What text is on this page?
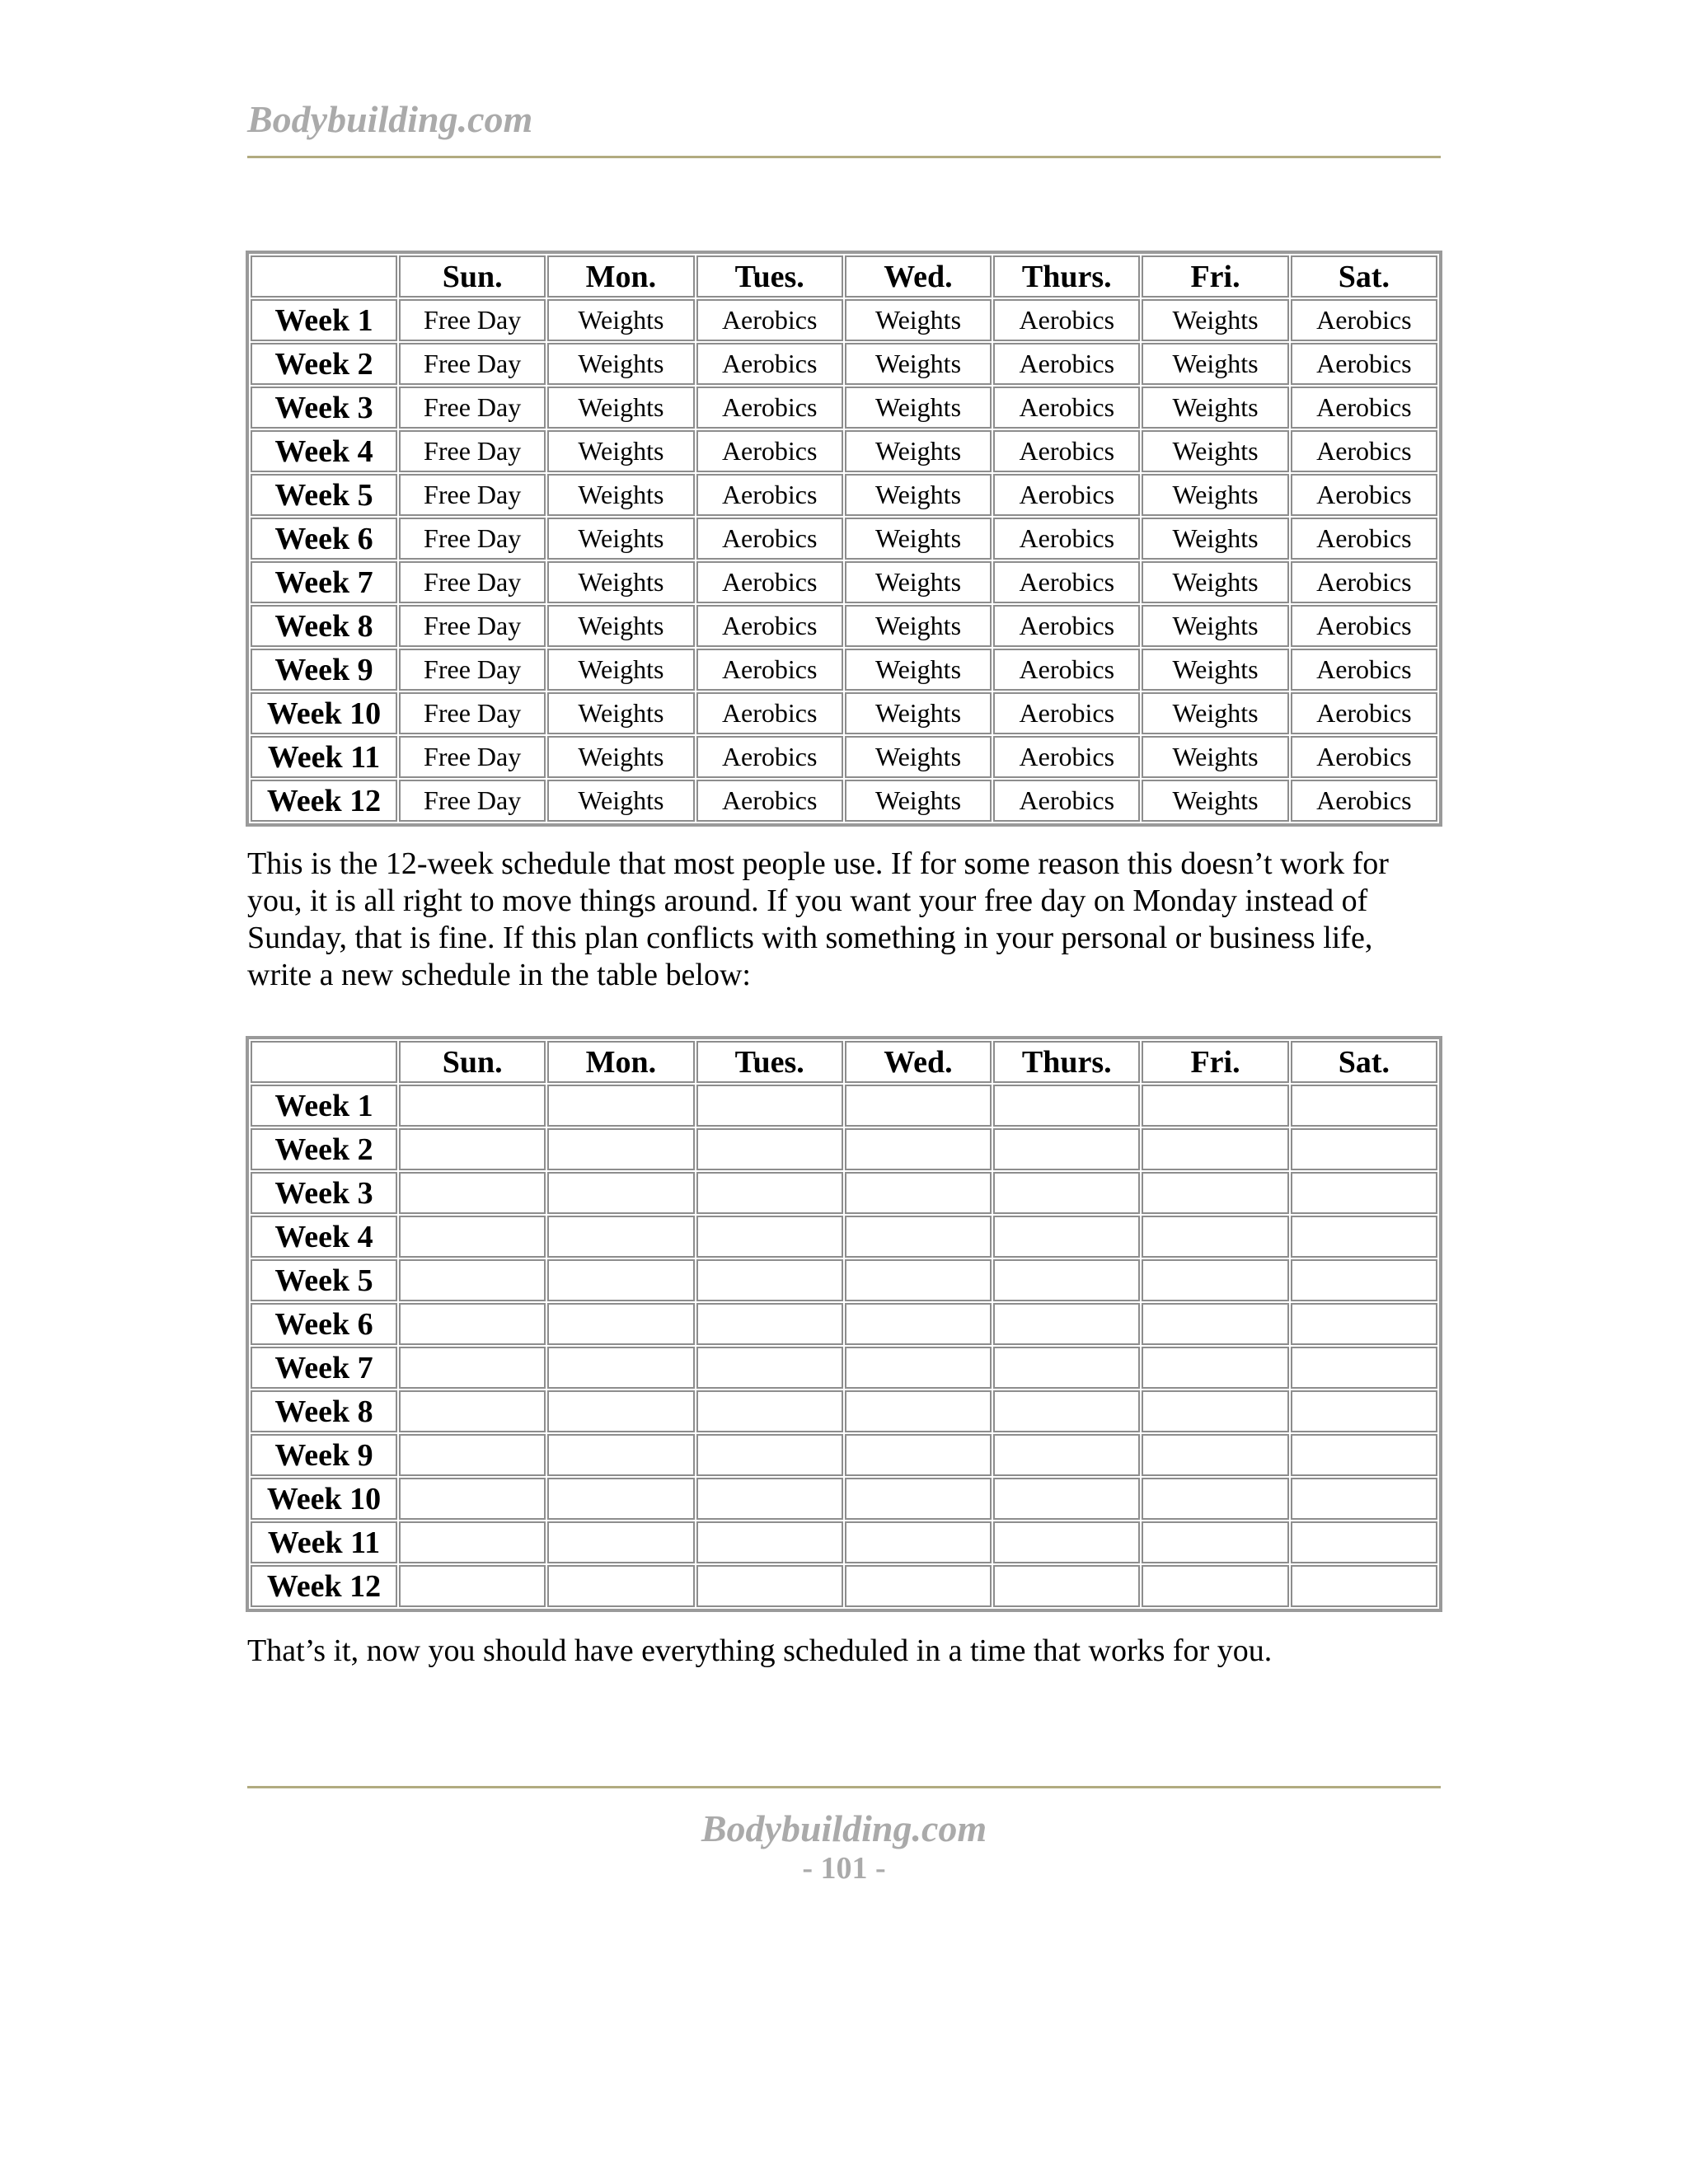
Bodybuilding.com
	Sun.	Mon.	Tues.	Wed.	Thurs.	Fri.	Sat.
Week 1	Free Day	Weights	Aerobics	Weights	Aerobics	Weights	Aerobics
Week 2	Free Day	Weights	Aerobics	Weights	Aerobics	Weights	Aerobics
Week 3	Free Day	Weights	Aerobics	Weights	Aerobics	Weights	Aerobics
Week 4	Free Day	Weights	Aerobics	Weights	Aerobics	Weights	Aerobics
Week 5	Free Day	Weights	Aerobics	Weights	Aerobics	Weights	Aerobics
Week 6	Free Day	Weights	Aerobics	Weights	Aerobics	Weights	Aerobics
Week 7	Free Day	Weights	Aerobics	Weights	Aerobics	Weights	Aerobics
Week 8	Free Day	Weights	Aerobics	Weights	Aerobics	Weights	Aerobics
Week 9	Free Day	Weights	Aerobics	Weights	Aerobics	Weights	Aerobics
Week 10	Free Day	Weights	Aerobics	Weights	Aerobics	Weights	Aerobics
Week 11	Free Day	Weights	Aerobics	Weights	Aerobics	Weights	Aerobics
Week 12	Free Day	Weights	Aerobics	Weights	Aerobics	Weights	Aerobics

This is the 12-week schedule that most people use. If for some reason this doesn’t work for you, it is all right to move things around. If you want your free day on Monday instead of Sunday, that is fine. If this plan conflicts with something in your personal or business life, write a new schedule in the table below:

	Sun.	Mon.	Tues.	Wed.	Thurs.	Fri.	Sat.
Week 1							
Week 2							
Week 3							
Week 4							
Week 5							
Week 6							
Week 7							
Week 8							
Week 9							
Week 10							
Week 11							
Week 12							

That’s it, now you should have everything scheduled in a time that works for you.

Bodybuilding.com
- 101 -
